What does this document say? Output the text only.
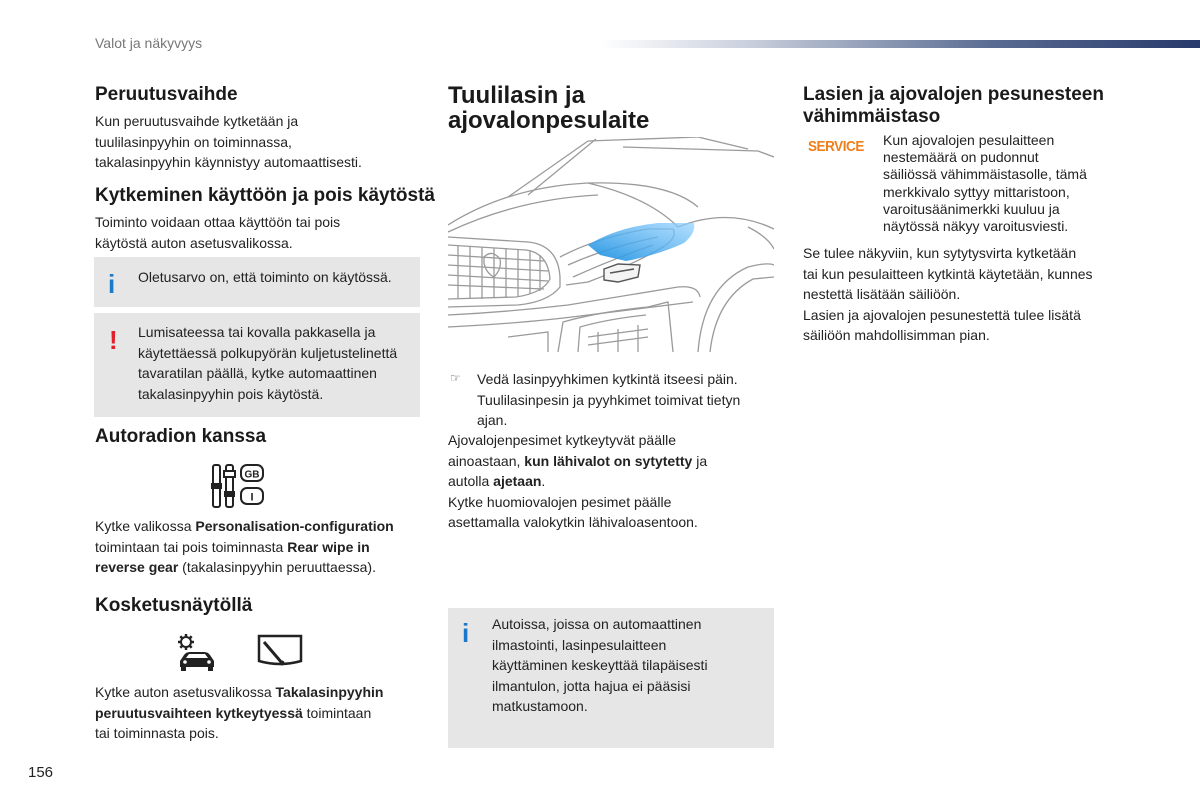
Valot ja näkyvyys
Peruutusvaihde

Kun peruutusvaihde kytketään ja
tuulilasinpyyhin on toiminnassa,
takalasinpyyhin käynnistyy automaattisesti.

Kytkeminen käyttöön ja pois käytöstä

Toiminto voidaan ottaa käyttöön tai pois
käytöstä auton asetusvalikossa.

i Oletusarvo on, että toiminto on käytössä.
! Lumisateessa tai kovalla pakkasella ja
käytettäessä polkupyörän kuljetustelinettä
tavaratilan päällä, kytke automaattinen
takalasinpyyhin pois käytöstä.
Autoradion kanssa
GB
I

Kytke valikossa Personalisation-configuration
toimintaan tai pois toiminnasta Rear wipe in
reverse gear (takalasinpyyhin peruuttaessa).

Kosketusnäytöllä

Kytke auton asetusvalikossa Takalasinpyyhin
peruutusvaihteen kytkeytyessä toimintaan
tai toiminnasta pois.

Tuulilasin ja
ajovalonpesulaite
☞ Vedä lasinpyyhkimen kytkintä itseesi päin.
Tuulilasinpesin ja pyyhkimet toimivat tietyn
ajan.

Ajovalojenpesimet kytkeytyvät päälle
ainoastaan, kun lähivalot on sytytetty ja
autolla ajetaan.
Kytke huomiovalojen pesimet päälle
asettamalla valokytkin lähivaloasentoon.

i Autoissa, joissa on automaattinen
ilmastointi, lasinpesulaitteen
käyttäminen keskeyttää tilapäisesti
ilmantulon, jotta hajua ei pääsisi
matkustamoon.
Lasien ja ajovalojen pesunesteen
vähimmäistaso
SERVICE Kun ajovalojen pesulaitteen
nestemäärä on pudonnut
säiliössä vähimmäistasolle, tämä
merkkivalo syttyy mittaristoon,
varoitusäänimerkki kuuluu ja
näytössä näkyy varoitusviesti.

Se tulee näkyviin, kun sytytysvirta kytketään
tai kun pesulaitteen kytkintä käytetään, kunnes
nestettä lisätään säiliöön.
Lasien ja ajovalojen pesunestettä tulee lisätä
säiliöön mahdollisimman pian.

156
